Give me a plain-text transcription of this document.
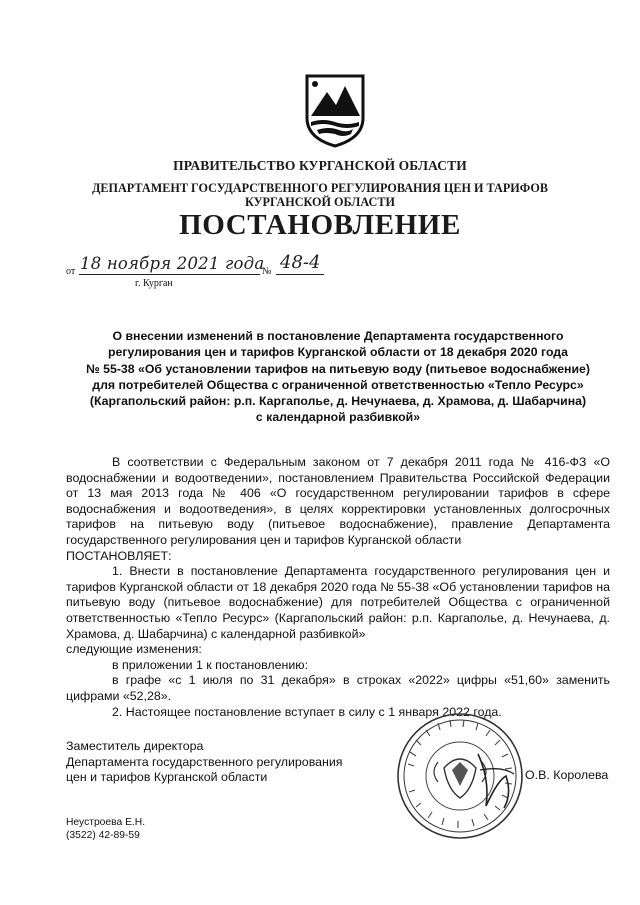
ПРАВИТЕЛЬСТВО КУРГАНСКОЙ ОБЛАСТИ
ДЕПАРТАМЕНТ ГОСУДАРСТВЕННОГО РЕГУЛИРОВАНИЯ ЦЕН И ТАРИФОВ
КУРГАНСКОЙ ОБЛАСТИ
ПОСТАНОВЛЕНИЕ
от 18 ноября 2021 года
№ 48-4
г. Курган
О внесении изменений в постановление Департамента государственного
регулирования цен и тарифов Курганской области от 18 декабря 2020 года
№ 55-38 «Об установлении тарифов на питьевую воду (питьевое водоснабжение)
для потребителей Общества с ограниченной ответственностью «Тепло Ресурс»
(Каргапольский район: р.п. Каргаполье, д. Нечунаева, д. Храмова, д. Шабарчина)
с календарной разбивкой»

В соответствии с Федеральным законом от 7 декабря 2011 года № 416-ФЗ «О водоснабжении и водоотведении», постановлением Правительства Российской Федерации от 13 мая 2013 года № 406 «О государственном регулировании тарифов в сфере водоснабжения и водоотведения», в целях корректировки установленных долгосрочных тарифов на питьевую воду (питьевое водоснабжение), правление Департамента государственного регулирования цен и тарифов Курганской области

ПОСТАНОВЛЯЕТ:

1. Внести в постановление Департамента государственного регулирования цен и тарифов Курганской области от 18 декабря 2020 года № 55-38 «Об установлении тарифов на питьевую воду (питьевое водоснабжение) для потребителей Общества с ограниченной ответственностью «Тепло Ресурс» (Каргапольский район: р.п. Каргаполье, д. Нечунаева, д. Храмова, д. Шабарчина) с календарной разбивкой»

следующие изменения:

в приложении 1 к постановлению:

в графе «с 1 июля по 31 декабря» в строках «2022» цифры «51,60» заменить

цифрами «52,28».

2. Настоящее постановление вступает в силу с 1 января 2022 года.

Заместитель директора
Департамента государственного регулирования
цен и тарифов Курганской области	О.В. Королева
Неустроева Е.Н.
(3522) 42-89-59
